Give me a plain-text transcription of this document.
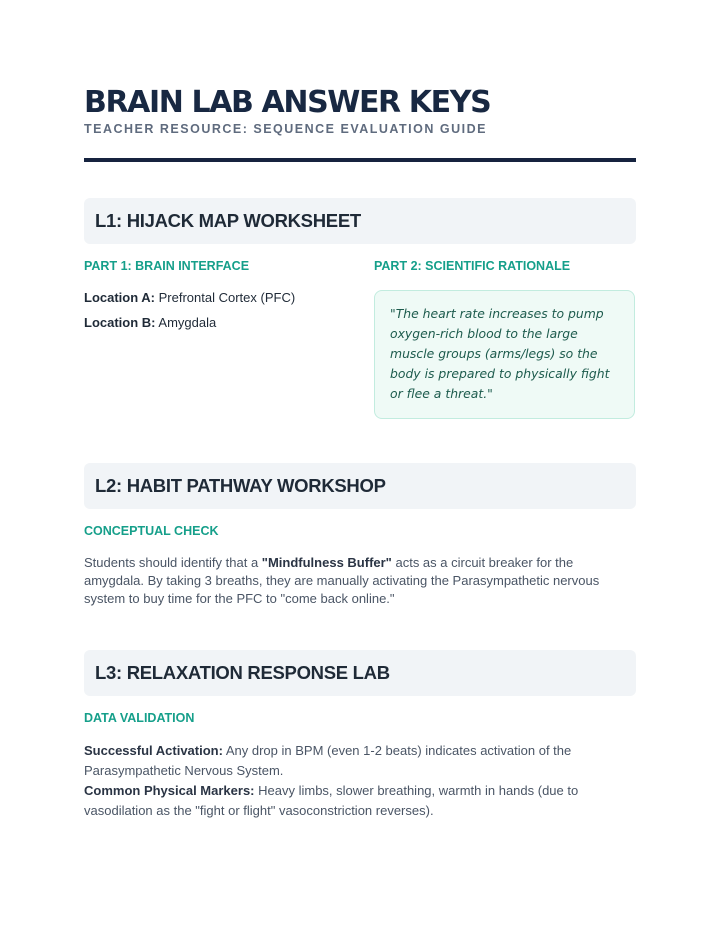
BRAIN LAB ANSWER KEYS
TEACHER RESOURCE: SEQUENCE EVALUATION GUIDE
L1: HIJACK MAP WORKSHEET
PART 1: BRAIN INTERFACE	PART 2: SCIENTIFIC RATIONALE
Location A: Prefrontal Cortex (PFC)
Location B: Amygdala
"The heart rate increases to pump oxygen-rich blood to the large muscle groups (arms/legs) so the body is prepared to physically fight or flee a threat."
L2: HABIT PATHWAY WORKSHOP
CONCEPTUAL CHECK
Students should identify that a "Mindfulness Buffer" acts as a circuit breaker for the amygdala. By taking 3 breaths, they are manually activating the Parasympathetic nervous system to buy time for the PFC to "come back online."
L3: RELAXATION RESPONSE LAB
DATA VALIDATION
Successful Activation: Any drop in BPM (even 1-2 beats) indicates activation of the Parasympathetic Nervous System.
Common Physical Markers: Heavy limbs, slower breathing, warmth in hands (due to vasodilation as the "fight or flight" vasoconstriction reverses).
